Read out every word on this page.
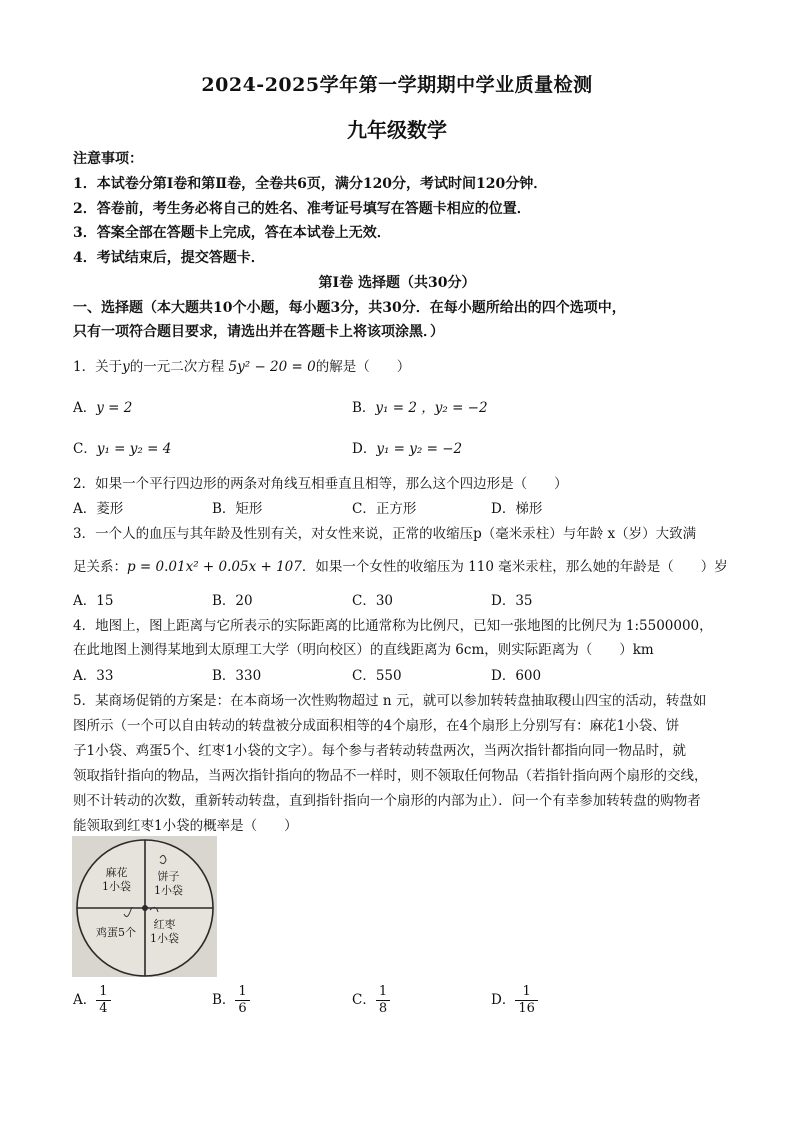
2024-2025学年第一学期期中学业质量检测
九年级数学
注意事项：
1．本试卷分第Ⅰ卷和第Ⅱ卷，全卷共6页，满分120分，考试时间120分钟．
2．答卷前，考生务必将自己的姓名、准考证号填写在答题卡相应的位置．
3．答案全部在答题卡上完成，答在本试卷上无效．
4．考试结束后，提交答题卡．
第Ⅰ卷 选择题（共30分）
一、选择题（本大题共10个小题，每小题3分，共30分．在每小题所给出的四个选项中，
只有一项符合题目要求，请选出并在答题卡上将该项涂黑．）
1．关于y的一元二次方程 5y² − 20 = 0的解是（　　）
A．y = 2	B．y₁ = 2 ，y₂ = −2
C．y₁ = y₂ = 4	D．y₁ = y₂ = −2
2．如果一个平行四边形的两条对角线互相垂直且相等，那么这个四边形是（　　）
A．菱形	B．矩形	C．正方形	D．梯形
3．一个人的血压与其年龄及性别有关，对女性来说，正常的收缩压p（毫米汞柱）与年龄 x（岁）大致满
足关系：p = 0.01x² + 0.05x + 107．如果一个女性的收缩压为 110 毫米汞柱，那么她的年龄是（　　）岁
A．15	B．20	C．30	D．35
4．地图上，图上距离与它所表示的实际距离的比通常称为比例尺，已知一张地图的比例尺为 1:5500000，
在此地图上测得某地到太原理工大学（明向校区）的直线距离为 6cm，则实际距离为（　　）km
A．33	B．330	C．550	D．600
5．某商场促销的方案是：在本商场一次性购物超过 n 元，就可以参加转转盘抽取稷山四宝的活动，转盘如
图所示（一个可以自由转动的转盘被分成面积相等的4个扇形，在4个扇形上分别写有：麻花1小袋、饼
子1小袋、鸡蛋5个、红枣1小袋的文字）。每个参与者转动转盘两次，当两次指针都指向同一物品时，就
领取指针指向的物品，当两次指针指向的物品不一样时，则不领取任何物品（若指针指向两个扇形的交线，
则不计转动的次数，重新转动转盘，直到指针指向一个扇形的内部为止）．问一个有幸参加转转盘的购物者
能领取到红枣1小袋的概率是（　　）
麻花
1小袋
饼子
1小袋
鸡蛋5个
红枣
1小袋
A． $\frac{1}{4}$	B． $\frac{1}{6}$	C． $\frac{1}{8}$	D． $\frac{1}{16}$
